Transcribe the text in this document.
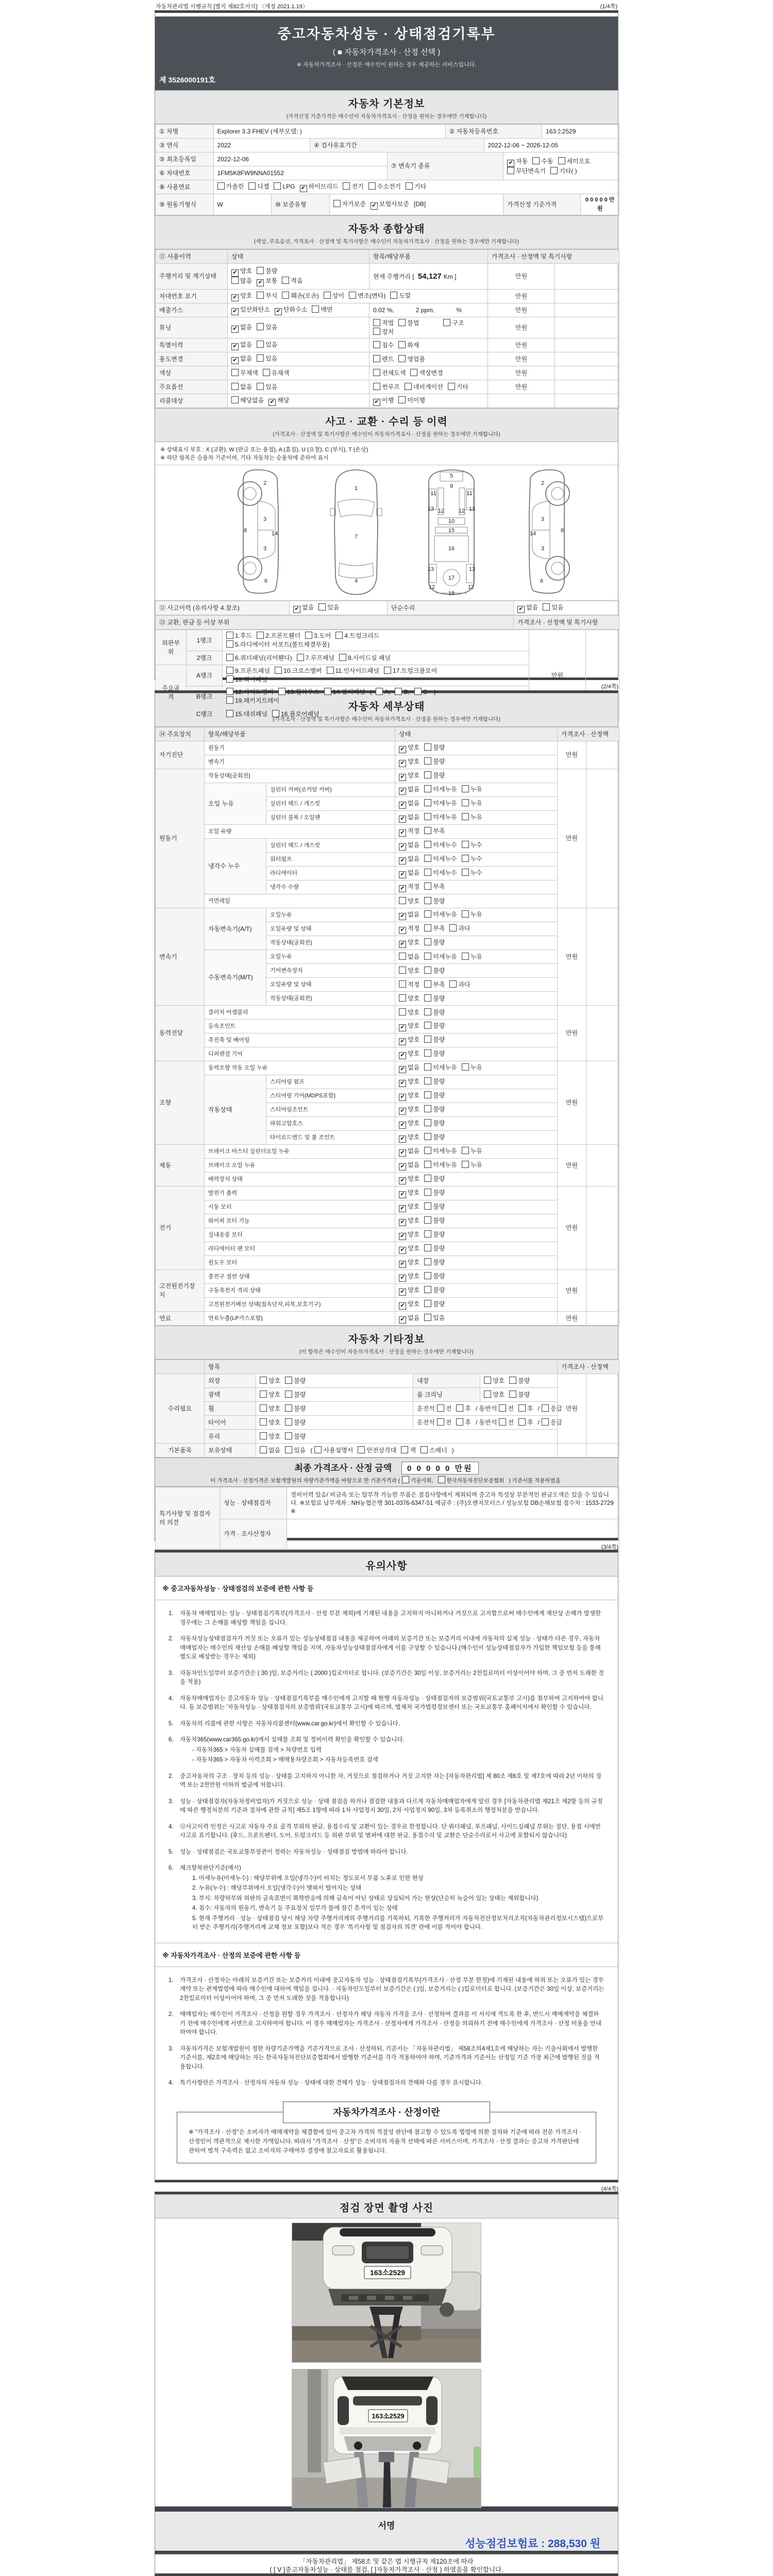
자동차관리법 시행규칙 [별지 제82호서식] 〈개정 2021.1.19〉	(1/4쪽)
중고자동차성능 · 상태점검기록부
( ■ 자동차가격조사 · 산정 선택 )
※ 자동차가격조사 · 산정은 매수인이 원하는 경우 제공하는 서비스입니다.
제 3526000191호
자동차 기본정보
(가격산정 기준가격은 매수인이 자동차가격조사 · 산정을 원하는 경우에만 기재합니다)
① 차명	Explorer 3.3 FHEV (세부모델: )					② 자동차등록번호			163소2529	
③ 연식	2022		④ 검사유효기간				2022-12-06 ~ 2026-12-05			
⑤ 최초등록일	2022-12-06				⑦ 변속기 종류			✔ 자동 수동 세미오토무단변속기 기타( )		
⑥ 차대번호	1FM5K8FW9NNA01552									
⑧ 사용연료	가솔린 디젤 LPG ✔ 하이브리드 전기 수소전기 기타									
⑨ 원동기형식	W	⑩ 보증유형		자가보증 ✔ 보험사보증 [DB]				가격산정 기준가격		0 0 0 0 0 만원
자동차 종합상태
(색상, 주요옵션, 가격조사 · 산정액 및 특기사항은 매수인이 자동차가격조사 · 산정을 원하는 경우에만 기재합니다)
⑪ 사용이력	상태	항목/해당부품	가격조사 · 산정액 및 특기사항	
주행거리 및 계기상태	✔ 양호 불량
많음 ✔ 보통 적음	현재 주행거리 [ 54,127 Km ]	만원	
차대번호 표기	✔ 양호 부식 훼손(오손) 상이 변조(변타) 도말		만원	
배출가스	✔ 일산화탄소 ✔ 탄화수소 매연	0.02 %, 2 ppm, %	만원	
튜닝	✔ 없음 있음	적법 불법 구조장치	만원	
특별이력	✔ 없음 있음	침수 화재	만원	
용도변경	✔ 없음 있음	렌트 영업용	만원	
색상	무채색 유채색	전체도색 색상변경	만원	
주요옵션	없음 있음	썬루프 네비게이션 기타	만원	
리콜대상	해당없음 ✔ 해당	✔ 이행 미이행		
사고 · 교환 · 수리 등 이력
(가격조사 · 산정액 및 특기사항은 매수인이 자동차가격조사 · 산정을 원하는 경우에만 기재합니다)
※ 상태표시 부호 : X (교환), W (판금 또는 용접), A (흠집), U (요철), C (부식), T (손상)
※ 하단 항목은 승용차 기준이며, 기타 자동차는 승용차에 준하여 표시
2
8
3
3
14
6
1
7
4
5
9
11	11
13	13
12	12
10
15
16
13	13
17
12	12
18
2
8
3
3
14
6
⑫ 사고이력 (유의사항 4.참조)	✔ 없음 있음	단순수리	✔ 없음 있음
⑬ 교환, 판금 등 이상 부위	가격조사 · 산정액 및 특기사항
외판부위	1랭크	1.후드 2.프론트휀더 3.도어 4.트렁크리드
5.라디에이터 서포트(볼트체결부품)	만원	
	2랭크	6.쿼더패널(리어휀다) 7.루프패널 8.사이드실 패널		
주요골격	A랭크	9.프론트패널 10.크로스멤버 11.인사이드패널 17.트렁크플로어
18.리어패널		
	B랭크	12.사이드멤버 13.휠하우스 14.필러패널 ( A, B, C )
19.패키지트레이		
	C랭크	15.대쉬패널 16.플로어패널		
(2/4쪽)
자동차 세부상태
(가격조사 · 산정액 및 특기사항은 매수인이 자동차가격조사 · 산정을 원하는 경우에만 기재합니다)
⑭ 주요장치	항목/해당부품		상태	가격조사 · 산정액	
자기진단	원동기		✔ 양호 불량	만원	
	변속기		✔ 양호 불량		
원동기	작동상태(공회전)		✔ 양호 불량	만원	
	오일 누유	실린더 커버(로커암 커버)	✔ 없음 미세누유 누유		
		실린더 헤드 / 개스킷	✔ 없음 미세누유 누유		
		실린더 블록 / 오일팬	✔ 없음 미세누유 누유		
	오일 유량		✔ 적정 부족		
	냉각수 누수	실린더 헤드 / 개스킷	✔ 없음 미세누수 누수		
		워터펌프	✔ 없음 미세누수 누수		
		라디에이터	✔ 없음 미세누수 누수		
		냉각수 수량	✔ 적정 부족		
	커먼레일		양호 불량		
변속기	자동변속기(A/T)	오일누유	✔ 없음 미세누유 누유	만원	
		오일유량 및 상태	✔ 적정 부족 과다		
		작동상태(공회전)	✔ 양호 불량		
	수동변속기(M/T)	오일누유	없음 미세누유 누유		
		기어변속장치	양호 불량		
		오일유량 및 상태	적정 부족 과다		
		작동상태(공회전)	양호 불량		
동력전달	클러치 어셈블리		양호 불량	만원	
	등속조인트		✔ 양호 불량		
	추진축 및 베어링		✔ 양호 불량		
	디퍼렌셜 기어		✔ 양호 불량		
조향	동력조향 작동 오일 누유		✔ 없음 미세누유 누유	만원	
	작동상태	스티어링 펌프	✔ 양호 불량		
		스티어링 기어(MDPS포함)	✔ 양호 불량		
		스티어링조인트	✔ 양호 불량		
		파워고압호스	✔ 양호 불량		
		타이로드엔드 및 볼 조인트	✔ 양호 불량		
제동	브레이크 마스터 실린더오일 누유		✔ 없음 미세누유 누유	만원	
	브레이크 오일 누유		✔ 없음 미세누유 누유		
	배력장치 상태		✔ 양호 불량		
전기	발전기 출력		✔ 양호 불량	만원	
	시동 모터		✔ 양호 불량		
	와이퍼 모터 기능		✔ 양호 불량		
	실내송풍 모터		✔ 양호 불량		
	라디에이터 팬 모터		✔ 양호 불량		
	윈도우 모터		✔ 양호 불량		
고전원전기장치	충전구 절연 상태		✔ 양호 불량	만원	
	구동축전지 격리 상태		✔ 양호 불량		
	고전원전기배선 상태(접속단자,피복,보호기구)		✔ 양호 불량		
연료	연료누출(LP가스포함)		✔ 없음 있음	만원	
자동차 기타정보
(이 항목은 매수인이 자동차가격조사 · 산정을 원하는 경우에만 기재합니다)
	항목				가격조사 · 산정액	
수리필요	외장	양호 불량	내장	양호 불량	만원	
	광택	양호 불량	룸 크리닝	양호 불량		
	휠	양호 불량	운전석 전 후 / 동반석 전 후 / 응급			
	타이어	양호 불량	운전석 전 후 / 동반석 전 후 / 응급			
	유리	양호 불량				
기본품목	보유상태	없음 있음 ( 사용설명서 안전삼각대 잭 스패너 )				
최종 가격조사 · 산정 금액 0 0 0 0 0 만원
이 가격조사 · 산정가격은 보험개발원의 차량기준가액을 바탕으로 한 기준가격과 ( 기술사회, 한국자동차진단보증협회 ) 기준서를 적용하였음
특기사항 및 점검자의 의견	성능 · 상태점검자	정비이력 있음/ 비금속 또는 탈부착 가능한 부품은 점검사항에서 제외되며 중고차 특성상 부분적인 판금도색은 있을 수 있습니다. ※보험료 납부계좌 : NH농협은행 301-0376-6347-51 예금주 : (주)오렌지모터스 / 성능보험 DB손해보험 접수처 : 1533-2729 ※
	가격 · 조사산정자	
(3/4쪽)
유의사항
※ 중고자동차성능 · 상태점검의 보증에 관한 사항 등
1.	자동차 매매업자는 성능 · 상태점검기록부(가격조사 · 산정 부분 제외)에 기재된 내용을 고지하지 아니하거나 거짓으로 고지함으로써 매수인에게 재산상 손해가 발생한 경우에는 그 손해를 배상할 책임을 집니다.
2.	자동차성능상태점검자가 거짓 또는 오류가 있는 성능상태점검 내용을 제공하여 아래의 보증기간 또는 보증거리 이내에 자동차의 실제 성능 · 상태가 다른 경우, 자동차매매업자는 매수인의 재산상 손해를 배상할 책임을 지며, 자동차성능상태점검자에게 이를 구상할 수 있습니다.(매수인이 성능상태점검자가 가입한 책임보험 등을 통해 별도로 배상받는 경우는 제외)
3.	자동차인도일부터 보증기간은 ( 30 )일, 보증거리는 ( 2000 )킬로미터로 합니다. (보증기간은 30일 이상, 보증거리는 2천킬로미터 이상이어야 하며, 그 중 먼저 도래한 것을 적용)
4.	자동차매매업자는 중고자동차 성능 · 상태점검기록부를 매수인에게 고지할 때 현행 자동차성능 · 상태점검자의 보증범위(국토교통부 고시)를 첨부하여 고지하여야 합니다. 동 보증범위는 '자동차성능 · 상태점검자의 보증범위'(국토교통부 고시)에 따르며, 법제처 국가법령정보센터 또는 국토교통부 홈페이지에서 확인할 수 있습니다.
5.	자동차의 리콜에 관한 사항은 자동차리콜센터(www.car.go.kr)에서 확인할 수 있습니다.
6.	자동차365(www.car365.go.kr)에서 실매물 조회 및 정비이력 확인을 확인할 수 있습니다.
- 자동차365 > 자동차 실매물 검색 > 차량번호 입력
- 자동차365 > 자동차 이력조회 > 매매용차량조회 > 자동차등록번호 검색
2.	중고자동차의 구조 · 장치 등의 성능 · 상태를 고지하지 아니한 자, 거짓으로 점검하거나 거짓 고지한 자는 [자동차관리법] 제 80조 제6호 및 제7호에 따라 2년 이하의 징역 또는 2천만원 이하의 벌금에 처합니다.
3.	성능 · 상태점검자(자동차정비업자)가 거짓으로 성능 · 상태 점검을 하거나 점검한 내용과 다르게 자동차매매업자에게 알린 경우 [자동차관리법 제21조 제2항 등의 규정에 따른 행정처분의 기준과 절차에 관한 규칙] 제5조 1항에 따라 1차 사업정지 30일, 2차 사업정지 90일, 3차 등록취소의 행정처분을 받습니다.
4.	⑫사고이력 인정은 사고로 자동차 주요 골격 부위의 판금, 용접수리 및 교환이 있는 경우로 한정합니다. 단 쿼더패널, 루프패널, 사이드실패널 부위는 절단, 용접 시에만 사고로 표기합니다. (후드, 프론트펜더, 도어, 트렁크리드 등 외판 부위 및 범퍼에 대한 판금, 용접수리 및 교환은 단순수리로서 사고에 포함되지 않습니다)
5.	성능 · 상태점검은 국토교통부장관이 정하는 자동차성능 · 상태점검 방법에 따라야 합니다.
6.	체크항목판단기준(예시)
1. 미세누유(미세누수) : 해당부위에 오일(냉각수)이 비치는 정도로서 부품 노후로 인한 현상
2. 누유(누수) : 해당부위에서 오일(냉각수)이 맺혀서 떨어지는 상태
3. 부식: 차량하부와 외판의 금속표면이 화학반응에 의해 금속이 아닌 상태로 상실되어 가는 현상(단순히 녹슬어 있는 상태는 제외합니다)
4. 침수: 자동차의 원동기, 변속기 등 주요장치 일부가 물에 잠긴 흔적이 있는 상태
5. 현재 주행거리 · 성능 · 상태점검 당시 해당 차량 주행거리계의 주행거리를 기록하되, 기록한 주행거리가 자동차전산정보처리조직(자동차관리정보시스템)으로부터 받은 주행거리(주행거리계 교체 정보 포함)보다 적은 경우 '특기사항 및 점검자의 의견' 란에 이를 적어야 합니다.
※ 자동차가격조사 · 산정의 보증에 관한 사항 등
1.	가격조사 · 산정자는 아래의 보증기간 또는 보증거리 이내에 중고자동차 성능 · 상태점검기록부(가격조사 · 산정 부분 한정)에 기재된 내용에 허위 또는 오류가 있는 경우 계약 또는 관계법령에 따라 매수인에 대하여 책임을 집니다. · 자동차인도일부터 보증기간은 ( )일, 보증거리는 ( )킬로미터로 합니다. (보증기간은 30일 이상, 보증거리는 2천킬로미터 이상이어야 하며, 그 중 먼저 도래한 것을 적용합니다)
2.	매매업자는 매수인이 가격조사 · 산정을 원할 경우 가격조사 · 산정자가 해당 자동차 가격을 조사 · 산정하여 결과를 이 서식에 적도록 한 후, 반드시 매매계약을 체결하기 전에 매수인에게 서면으로 고지하여야 합니다. 이 경우 매매업자는 가격조사 · 산정자에게 가격조사 · 산정을 의뢰하기 전에 매수인에게 가격조사 · 산정 비용을 안내하여야 합니다.
3.	자동차가격은 보험개발원이 정한 차량기준가액을 기준가격으로 조사 · 산정하되, 기준서는 「자동차관리법」 제58조의4제1호에 해당하는 자는 기술사회에서 발행한 기준서를, 제2호에 해당하는 자는 한국자동차진단보증협회에서 발행한 기준서를 각각 적용하여야 하며, 기준가격과 기준서는 산정일 기준 가장 최근에 발행된 것을 적용합니다.
4.	특기사항란은 가격조사 · 산정자의 자동차 성능 · 상태에 대한 견해가 성능 · 상태점검자의 견해와 다를 경우 표시합니다.
자동차가격조사 · 산정이란
※ "가격조사 · 산정"은 소비자가 매매계약을 체결함에 있어 중고차 가격의 적절성 판단에 참고할 수 있도록 법령에 의한 절차와 기준에 따라 전문 가격조사 · 산정인이 객관적으로 제시한 가액입니다. 따라서 "가격조사 · 산정"은 소비자의 자율적 선택에 따른 서비스이며, 가격조사 · 산정 결과는 중고차 가격판단에 관하여 법적 구속력은 없고 소비자의 구매여부 결정에 참고자료로 활용됩니다.
(4/4쪽)
점검 장면 촬영 사진
163소2529
163소2529
서명
성능점검보험료 : 288,530 원
「자동차관리법」 제58조 및 같은 법 시행규칙 제120조에 따라
( [ V ]중고자동차성능 · 상태를 점검, [ ]자동차가격조사 · 산정 ) 하였음을 확인합니다.
